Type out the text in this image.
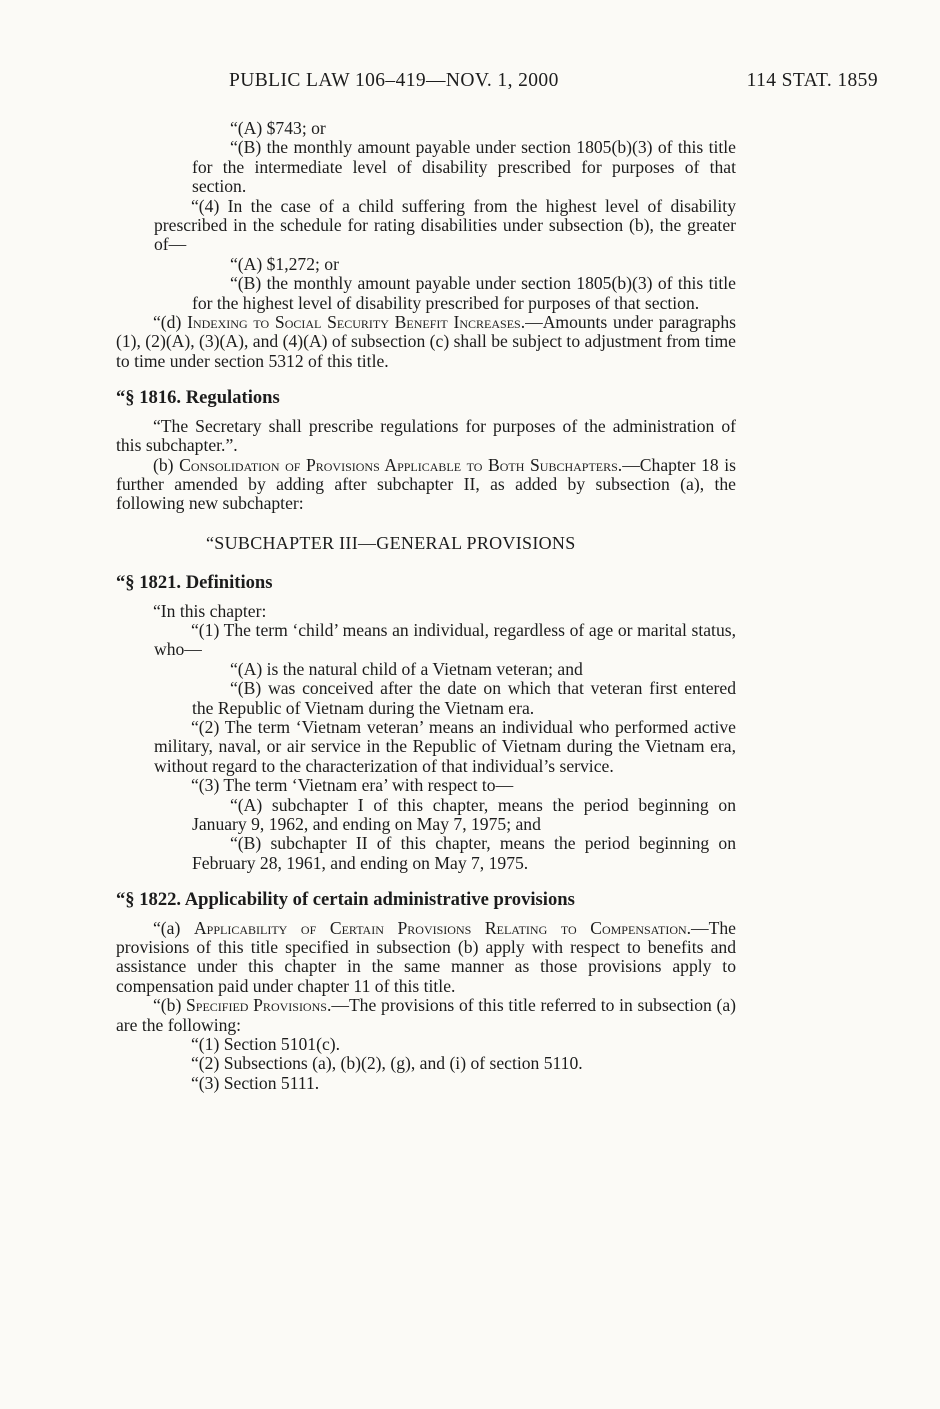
PUBLIC LAW 106–419—NOV. 1, 2000	114 STAT. 1859

“(A) $743; or

“(B) the monthly amount payable under section 1805(b)(3) of this title for the intermediate level of disability prescribed for purposes of that section.

“(4) In the case of a child suffering from the highest level of disability prescribed in the schedule for rating disabilities under subsection (b), the greater of—

“(A) $1,272; or

“(B) the monthly amount payable under section 1805(b)(3) of this title for the highest level of disability prescribed for purposes of that section.

“(d) Indexing to Social Security Benefit Increases.—Amounts under paragraphs (1), (2)(A), (3)(A), and (4)(A) of subsection (c) shall be subject to adjustment from time to time under section 5312 of this title.

“§ 1816. Regulations

“The Secretary shall prescribe regulations for purposes of the administration of this subchapter.”.

(b) Consolidation of Provisions Applicable to Both Subchapters.—Chapter 18 is further amended by adding after subchapter II, as added by subsection (a), the following new subchapter:

“SUBCHAPTER III—GENERAL PROVISIONS

“§ 1821. Definitions

“In this chapter:

“(1) The term ‘child’ means an individual, regardless of age or marital status, who—

“(A) is the natural child of a Vietnam veteran; and

“(B) was conceived after the date on which that veteran first entered the Republic of Vietnam during the Vietnam era.

“(2) The term ‘Vietnam veteran’ means an individual who performed active military, naval, or air service in the Republic of Vietnam during the Vietnam era, without regard to the characterization of that individual’s service.

“(3) The term ‘Vietnam era’ with respect to—

“(A) subchapter I of this chapter, means the period beginning on January 9, 1962, and ending on May 7, 1975; and

“(B) subchapter II of this chapter, means the period beginning on February 28, 1961, and ending on May 7, 1975.

“§ 1822. Applicability of certain administrative provisions

“(a) Applicability of Certain Provisions Relating to Compensation.—The provisions of this title specified in subsection (b) apply with respect to benefits and assistance under this chapter in the same manner as those provisions apply to compensation paid under chapter 11 of this title.

“(b) Specified Provisions.—The provisions of this title referred to in subsection (a) are the following:

“(1) Section 5101(c).

“(2) Subsections (a), (b)(2), (g), and (i) of section 5110.

“(3) Section 5111.
